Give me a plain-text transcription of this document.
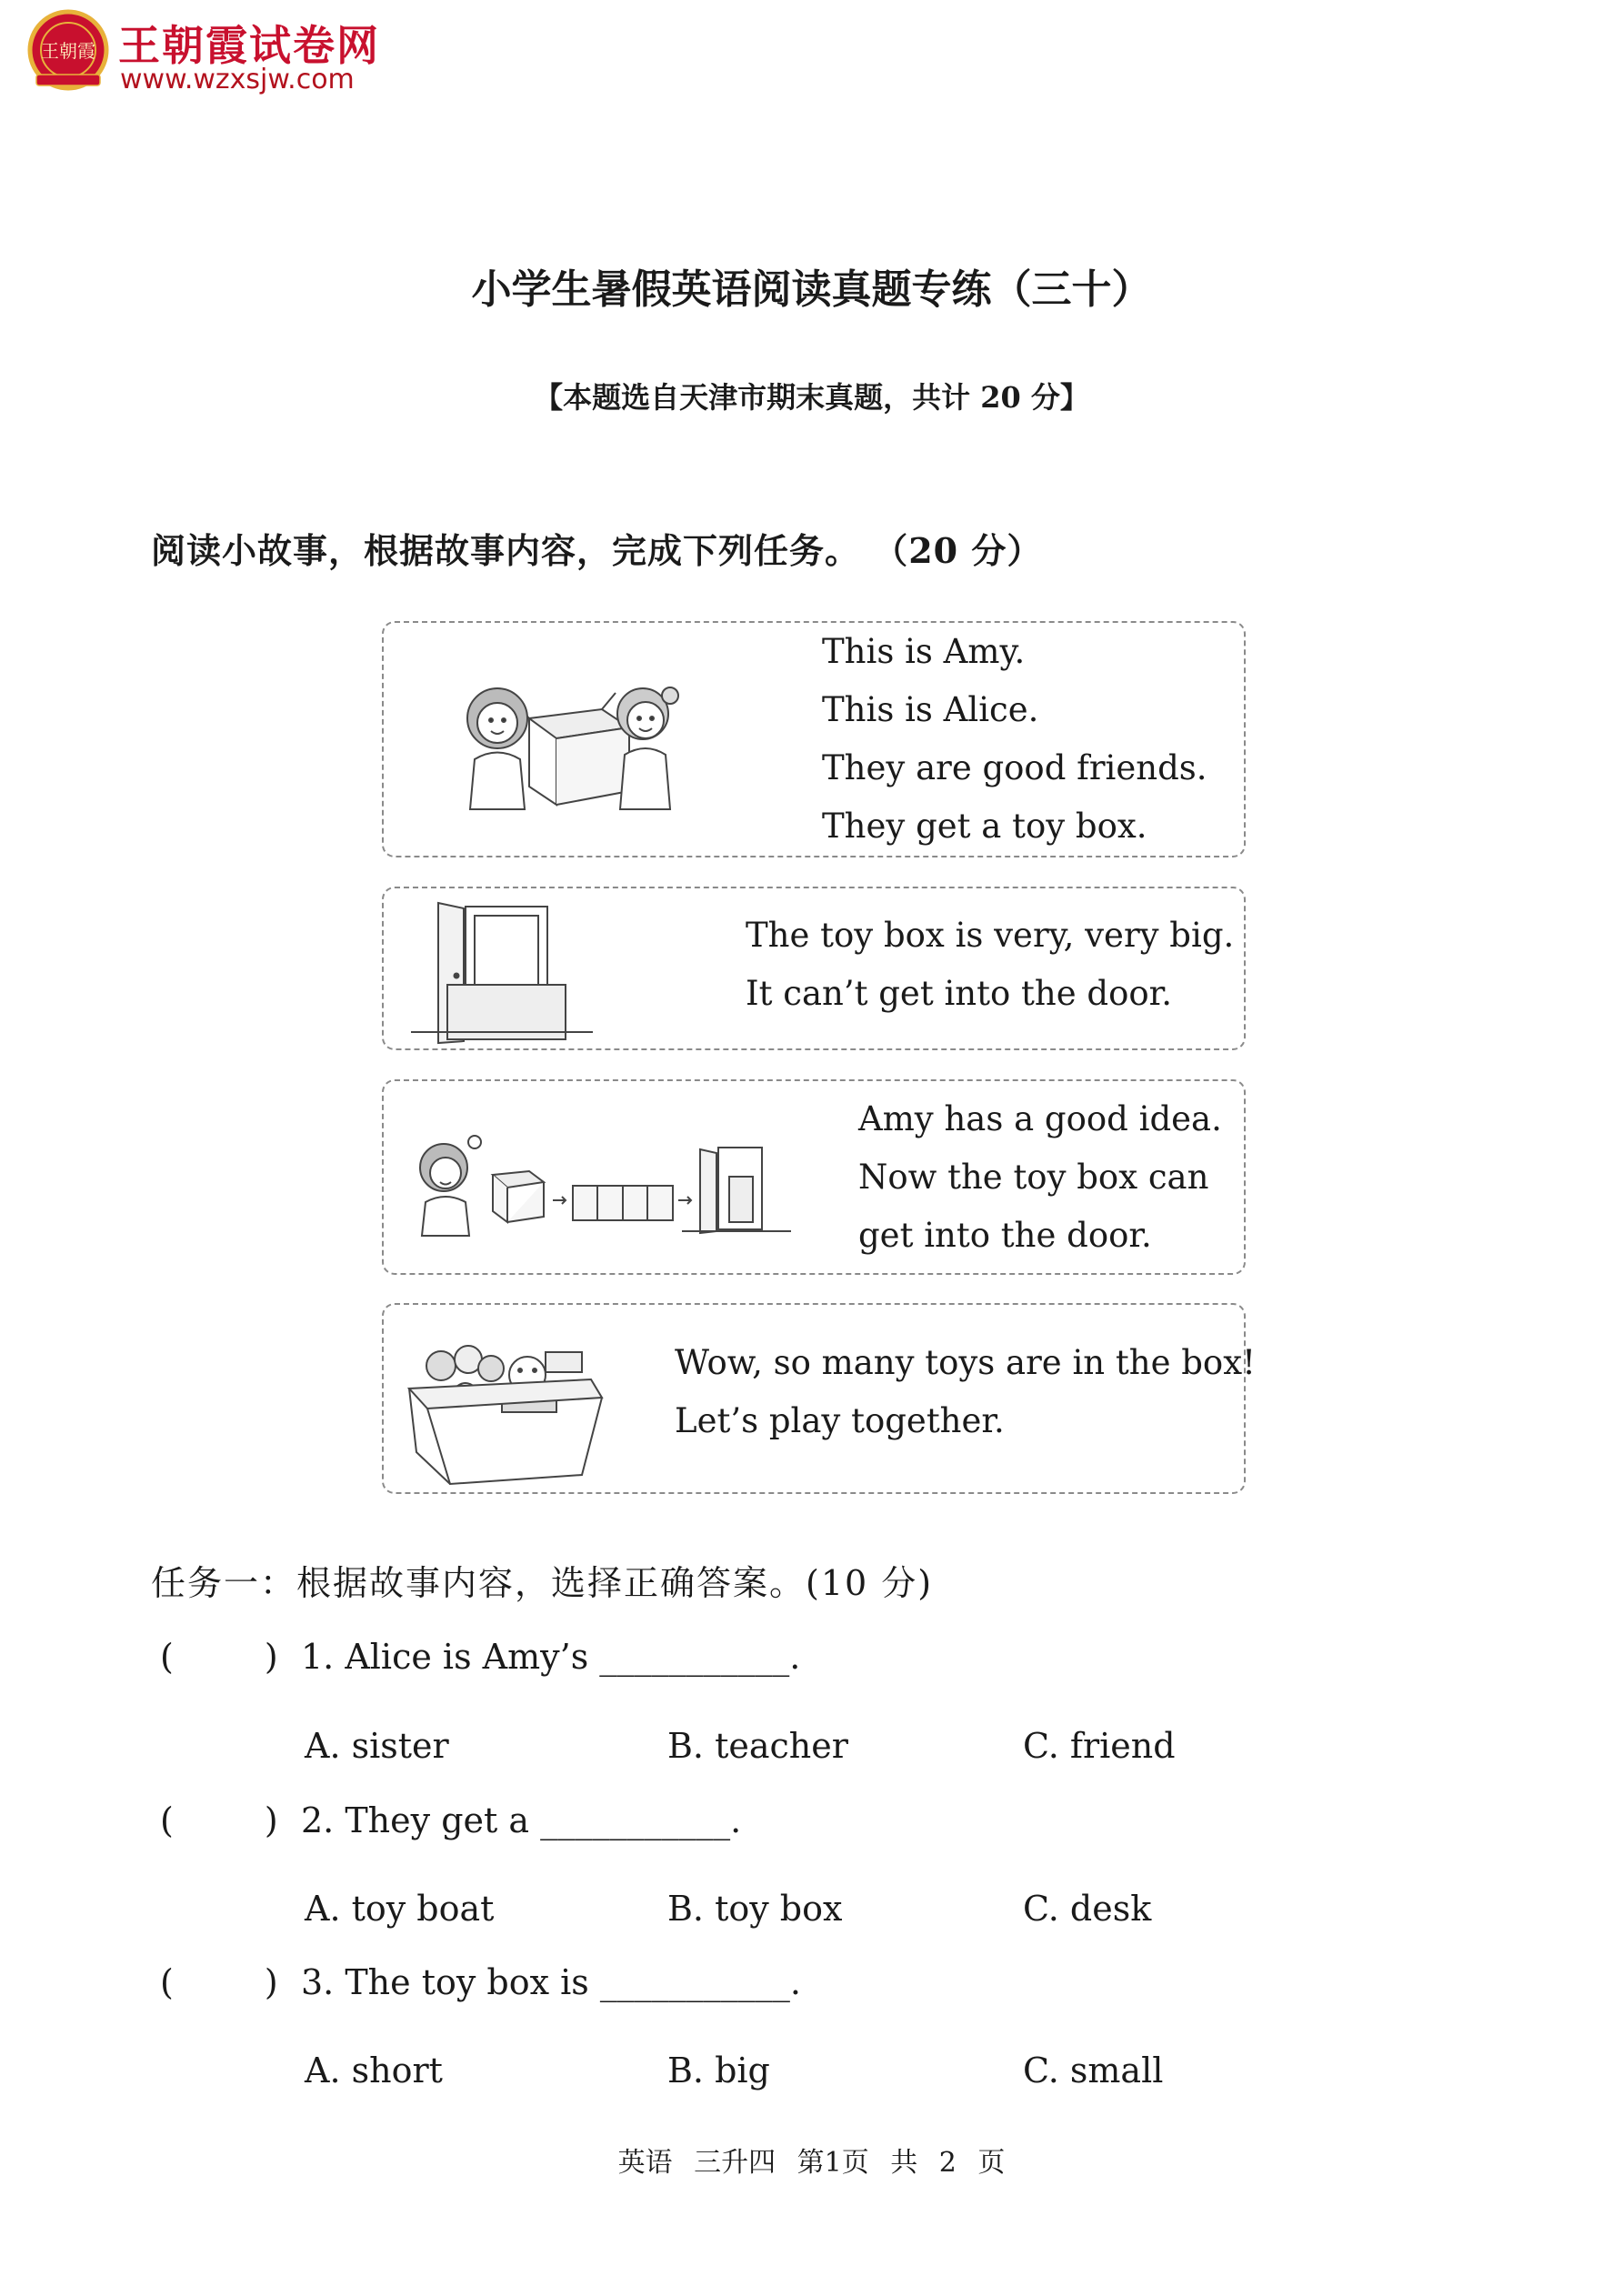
王朝霞 王朝霞试卷网
www.wzxsjw.com
小学生暑假英语阅读真题专练（三十）
【本题选自天津市期末真题，共计 20 分】
阅读小故事，根据故事内容，完成下列任务。 （20 分）
This is Amy.
This is Alice.
They are good friends.
They get a toy box.
The toy box is very, very big.
It can’t get into the door.
Amy has a good idea.
Now the toy box can
get into the door.
Wow, so many toys are in the box!
Let’s play together.
任务一：根据故事内容，选择正确答案。(10 分)
(	) 1. Alice is Amy’s ___________.
A. sister	B. teacher	C. friend
(	) 2. They get a ___________.
A. toy boat	B. toy box	C. desk
(	) 3. The toy box is ___________.
A. short	B. big	C. small
英语 三升四 第1页 共 2 页
